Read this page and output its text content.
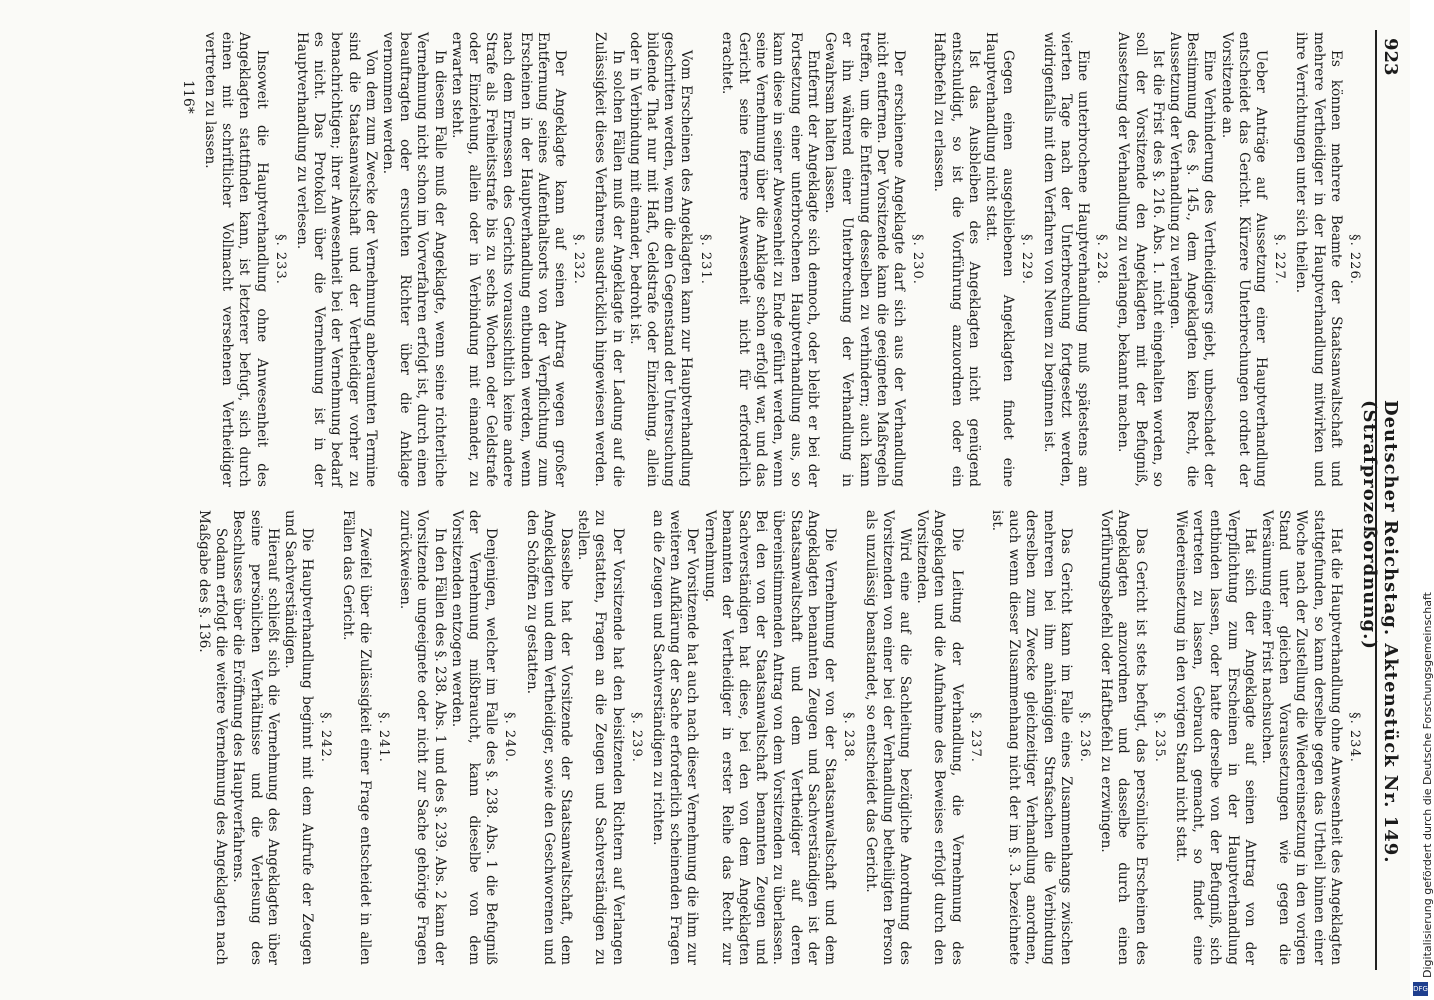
923
Deutscher Reichstag. Aktenstück Nr. 149. (Strafprozeßordnung.)
§. 226.
Es können mehrere Beamte der Staatsanwaltschaft und mehrere Vertheidiger in der Hauptverhandlung mitwirken und ihre Verrichtungen unter sich theilen.
§. 227.
Ueber Anträge auf Aussetzung einer Hauptverhandlung entscheidet das Gericht. Kürzere Unterbrechungen ordnet der Vorsitzende an.
Eine Verhinderung des Vertheidigers giebt, unbeschadet der Bestimmung des §. 145., dem Angeklagten kein Recht, die Aussetzung der Verhandlung zu verlangen.
Ist die Frist des §. 216. Abs. 1. nicht eingehalten worden, so soll der Vorsitzende den Angeklagten mit der Befugniß, Aussetzung der Verhandlung zu verlangen, bekannt machen.
§. 228.
Eine unterbrochene Hauptverhandlung muß spätestens am vierten Tage nach der Unterbrechung fortgesetzt werden, widrigenfalls mit dem Verfahren von Neuem zu beginnen ist.
§. 229.
Gegen einen ausgebliebenen Angeklagten findet eine Hauptverhandlung nicht statt.
Ist das Ausbleiben des Angeklagten nicht genügend entschuldigt, so ist die Vorführung anzuordnen oder ein Haftbefehl zu erlassen.
§. 230.
Der erschienene Angeklagte darf sich aus der Verhandlung nicht entfernen. Der Vorsitzende kann die geeigneten Maßregeln treffen, um die Entfernung desselben zu verhindern; auch kann er ihn während einer Unterbrechung der Verhandlung in Gewahrsam halten lassen.
Entfernt der Angeklagte sich dennoch, oder bleibt er bei der Fortsetzung einer unterbrochenen Hauptverhandlung aus, so kann diese in seiner Abwesenheit zu Ende geführt werden, wenn seine Vernehmung über die Anklage schon erfolgt war, und das Gericht seine fernere Anwesenheit nicht für erforderlich erachtet.
§. 231.
Vom Erscheinen des Angeklagten kann zur Hauptverhandlung geschritten werden, wenn die den Gegenstand der Untersuchung bildende That nur mit Haft, Geldstrafe oder Einziehung, allein oder in Verbindung mit einander, bedroht ist.
In solchen Fällen muß der Angeklagte in der Ladung auf die Zulässigkeit dieses Verfahrens ausdrücklich hingewiesen werden.
§. 232.
Der Angeklagte kann auf seinen Antrag wegen großer Entfernung seines Aufenthaltsorts von der Verpflichtung zum Erscheinen in der Hauptverhandlung entbunden werden, wenn nach dem Ermessen des Gerichts voraussichtlich keine andere Strafe als Freiheitsstrafe bis zu sechs Wochen oder Geldstrafe oder Einziehung, allein oder in Verbindung mit einander, zu erwarten steht.
In diesem Falle muß der Angeklagte, wenn seine richterliche Vernehmung nicht schon im Vorverfahren erfolgt ist, durch einen beauftragten oder ersuchten Richter über die Anklage vernommen werden.
Von dem zum Zwecke der Vernehmung anberaumten Termine sind die Staatsanwaltschaft und der Vertheidiger vorher zu benachrichtigen; ihrer Anwesenheit bei der Vernehmung bedarf es nicht. Das Protokoll über die Vernehmung ist in der Hauptverhandlung zu verlesen.
§. 233.
Insoweit die Hauptverhandlung ohne Anwesenheit des Angeklagten stattfinden kann, ist letzterer befugt, sich durch einen mit schriftlicher Vollmacht versehenen Vertheidiger vertreten zu lassen.
§. 234.
Hat die Hauptverhandlung ohne Anwesenheit des Angeklagten stattgefunden, so kann derselbe gegen das Urtheil binnen einer Woche nach der Zustellung die Wiedereinsetzung in den vorigen Stand unter gleichen Voraussetzungen wie gegen die Versäumung einer Frist nachsuchen.
Hat sich der Angeklagte auf seinen Antrag von der Verpflichtung zum Erscheinen in der Hauptverhandlung entbinden lassen, oder hatte derselbe von der Befugniß, sich vertreten zu lassen, Gebrauch gemacht, so findet eine Wiedereinsetzung in den vorigen Stand nicht statt.
§. 235.
Das Gericht ist stets befugt, das persönliche Erscheinen des Angeklagten anzuordnen und dasselbe durch einen Vorführungsbefehl oder Haftbefehl zu erzwingen.
§. 236.
Das Gericht kann im Falle eines Zusammenhangs zwischen mehreren bei ihm anhängigen Strafsachen die Verbindung derselben zum Zwecke gleichzeitiger Verhandlung anordnen, auch wenn dieser Zusammenhang nicht der im §. 3. bezeichnete ist.
§. 237.
Die Leitung der Verhandlung, die Vernehmung des Angeklagten und die Aufnahme des Beweises erfolgt durch den Vorsitzenden.
Wird eine auf die Sachleitung bezügliche Anordnung des Vorsitzenden von einer bei der Verhandlung betheiligten Person als unzulässig beanstandet, so entscheidet das Gericht.
§. 238.
Die Vernehmung der von der Staatsanwaltschaft und dem Angeklagten benannten Zeugen und Sachverständigen ist der Staatsanwaltschaft und dem Vertheidiger auf deren übereinstimmenden Antrag von dem Vorsitzenden zu überlassen. Bei den von der Staatsanwaltschaft benannten Zeugen und Sachverständigen hat diese, bei den von dem Angeklagten benannten der Vertheidiger in erster Reihe das Recht zur Vernehmung.
Der Vorsitzende hat auch nach dieser Vernehmung die ihm zur weiteren Aufklärung der Sache erforderlich scheinenden Fragen an die Zeugen und Sachverständigen zu richten.
§. 239.
Der Vorsitzende hat den beisitzenden Richtern auf Verlangen zu gestatten, Fragen an die Zeugen und Sachverständigen zu stellen.
Dasselbe hat der Vorsitzende der Staatsanwaltschaft, dem Angeklagten und dem Vertheidiger, sowie den Geschworenen und den Schöffen zu gestatten.
§. 240.
Denjenigen, welcher im Falle des §. 238. Abs. 1 die Befugniß der Vernehmung mißbraucht, kann dieselbe von dem Vorsitzenden entzogen werden.
In den Fällen des §. 238. Abs. 1 und des §. 239. Abs. 2 kann der Vorsitzende ungeeignete oder nicht zur Sache gehörige Fragen zurückweisen.
§. 241.
Zweifel über die Zulässigkeit einer Frage entscheidet in allen Fällen das Gericht.
§. 242.
Die Hauptverhandlung beginnt mit dem Aufrufe der Zeugen und Sachverständigen.
Hierauf schließt sich die Vernehmung des Angeklagten über seine persönlichen Verhältnisse und die Verlesung des Beschlusses über die Eröffnung des Hauptverfahrens.
Sodann erfolgt die weitere Vernehmung des Angeklagten nach Maßgabe des §. 136.
116*
Digitalisierung gefördert durch die Deutsche Forschungsgemeinschaft
DFG
